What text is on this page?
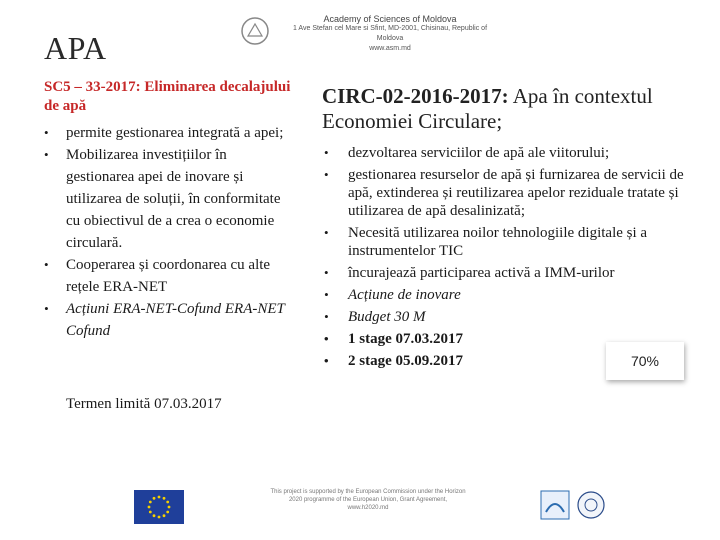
Academy of Sciences of Moldova
1 Ave Stefan cel Mare si Sfint, MD-2001, Chisinau, Republic of Moldova
www.asm.md
APA

SC5 – 33-2017: Eliminarea decalajului de apă

• permite gestionarea integrată a apei;
• Mobilizarea investițiilor în gestionarea apei de inovare și utilizarea de soluții, în conformitate cu obiectivul de a crea o economie circulară.
• Cooperarea și coordonarea cu alte rețele ERA-NET
• Acțiuni ERA-NET-Cofund ERA-NET Cofund
Termen limită 07.03.2017

CIRC-02-2016-2017: Apa în contextul Economiei Circulare;

• dezvoltarea serviciilor de apă ale viitorului;
• gestionarea resurselor de apă și furnizarea de servicii de apă, extinderea și reutilizarea apelor reziduale tratate și utilizarea de apă desalinizată;
• Necesită utilizarea noilor tehnologiile digitale și a instrumentelor TIC
• încurajează participarea activă a IMM-urilor
• Acțiune de inovare
• Budget 30 M
• 1 stage 07.03.2017
• 2 stage 05.09.2017	70%
This project is supported by the European Commission under the Horizon 2020 programme of the European Union, Grant Agreement, www.h2020.md
